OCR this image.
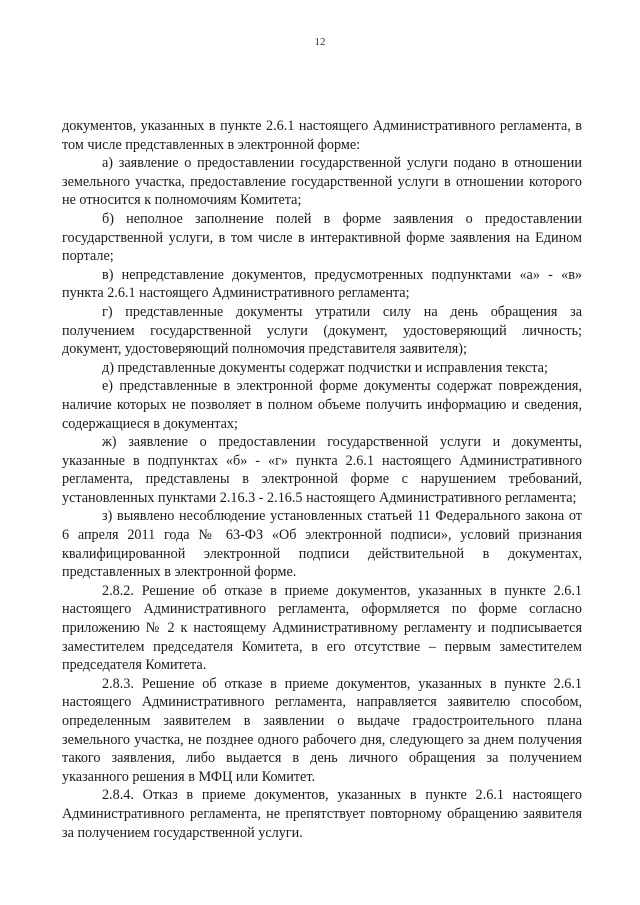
12

документов, указанных в пункте 2.6.1 настоящего Административного регламента, в том числе представленных в электронной форме:

а) заявление о предоставлении государственной услуги подано в отношении земельного участка, предоставление государственной услуги в отношении которого не относится к полномочиям Комитета;

б) неполное заполнение полей в форме заявления о предоставлении государственной услуги, в том числе в интерактивной форме заявления на Едином портале;

в) непредставление документов, предусмотренных подпунктами «а» - «в» пункта 2.6.1 настоящего Административного регламента;

г) представленные документы утратили силу на день обращения за получением государственной услуги (документ, удостоверяющий личность; документ, удостоверяющий полномочия представителя заявителя);

д) представленные документы содержат подчистки и исправления текста;

е) представленные в электронной форме документы содержат повреждения, наличие которых не позволяет в полном объеме получить информацию и сведения, содержащиеся в документах;

ж) заявление о предоставлении государственной услуги и документы, указанные в подпунктах «б» - «г» пункта 2.6.1 настоящего Административного регламента, представлены в электронной форме с нарушением требований, установленных пунктами 2.16.3 - 2.16.5 настоящего Административного регламента;

з) выявлено несоблюдение установленных статьей 11 Федерального закона от 6 апреля 2011 года № 63-ФЗ «Об электронной подписи», условий признания квалифицированной электронной подписи действительной в документах, представленных в электронной форме.

2.8.2. Решение об отказе в приеме документов, указанных в пункте 2.6.1 настоящего Административного регламента, оформляется по форме согласно приложению № 2 к настоящему Административному регламенту и подписывается заместителем председателя Комитета, в его отсутствие – первым заместителем председателя Комитета.

2.8.3. Решение об отказе в приеме документов, указанных в пункте 2.6.1 настоящего Административного регламента, направляется заявителю способом, определенным заявителем в заявлении о выдаче градостроительного плана земельного участка, не позднее одного рабочего дня, следующего за днем получения такого заявления, либо выдается в день личного обращения за получением указанного решения в МФЦ или Комитет.

2.8.4. Отказ в приеме документов, указанных в пункте 2.6.1 настоящего Административного регламента, не препятствует повторному обращению заявителя за получением государственной услуги.
